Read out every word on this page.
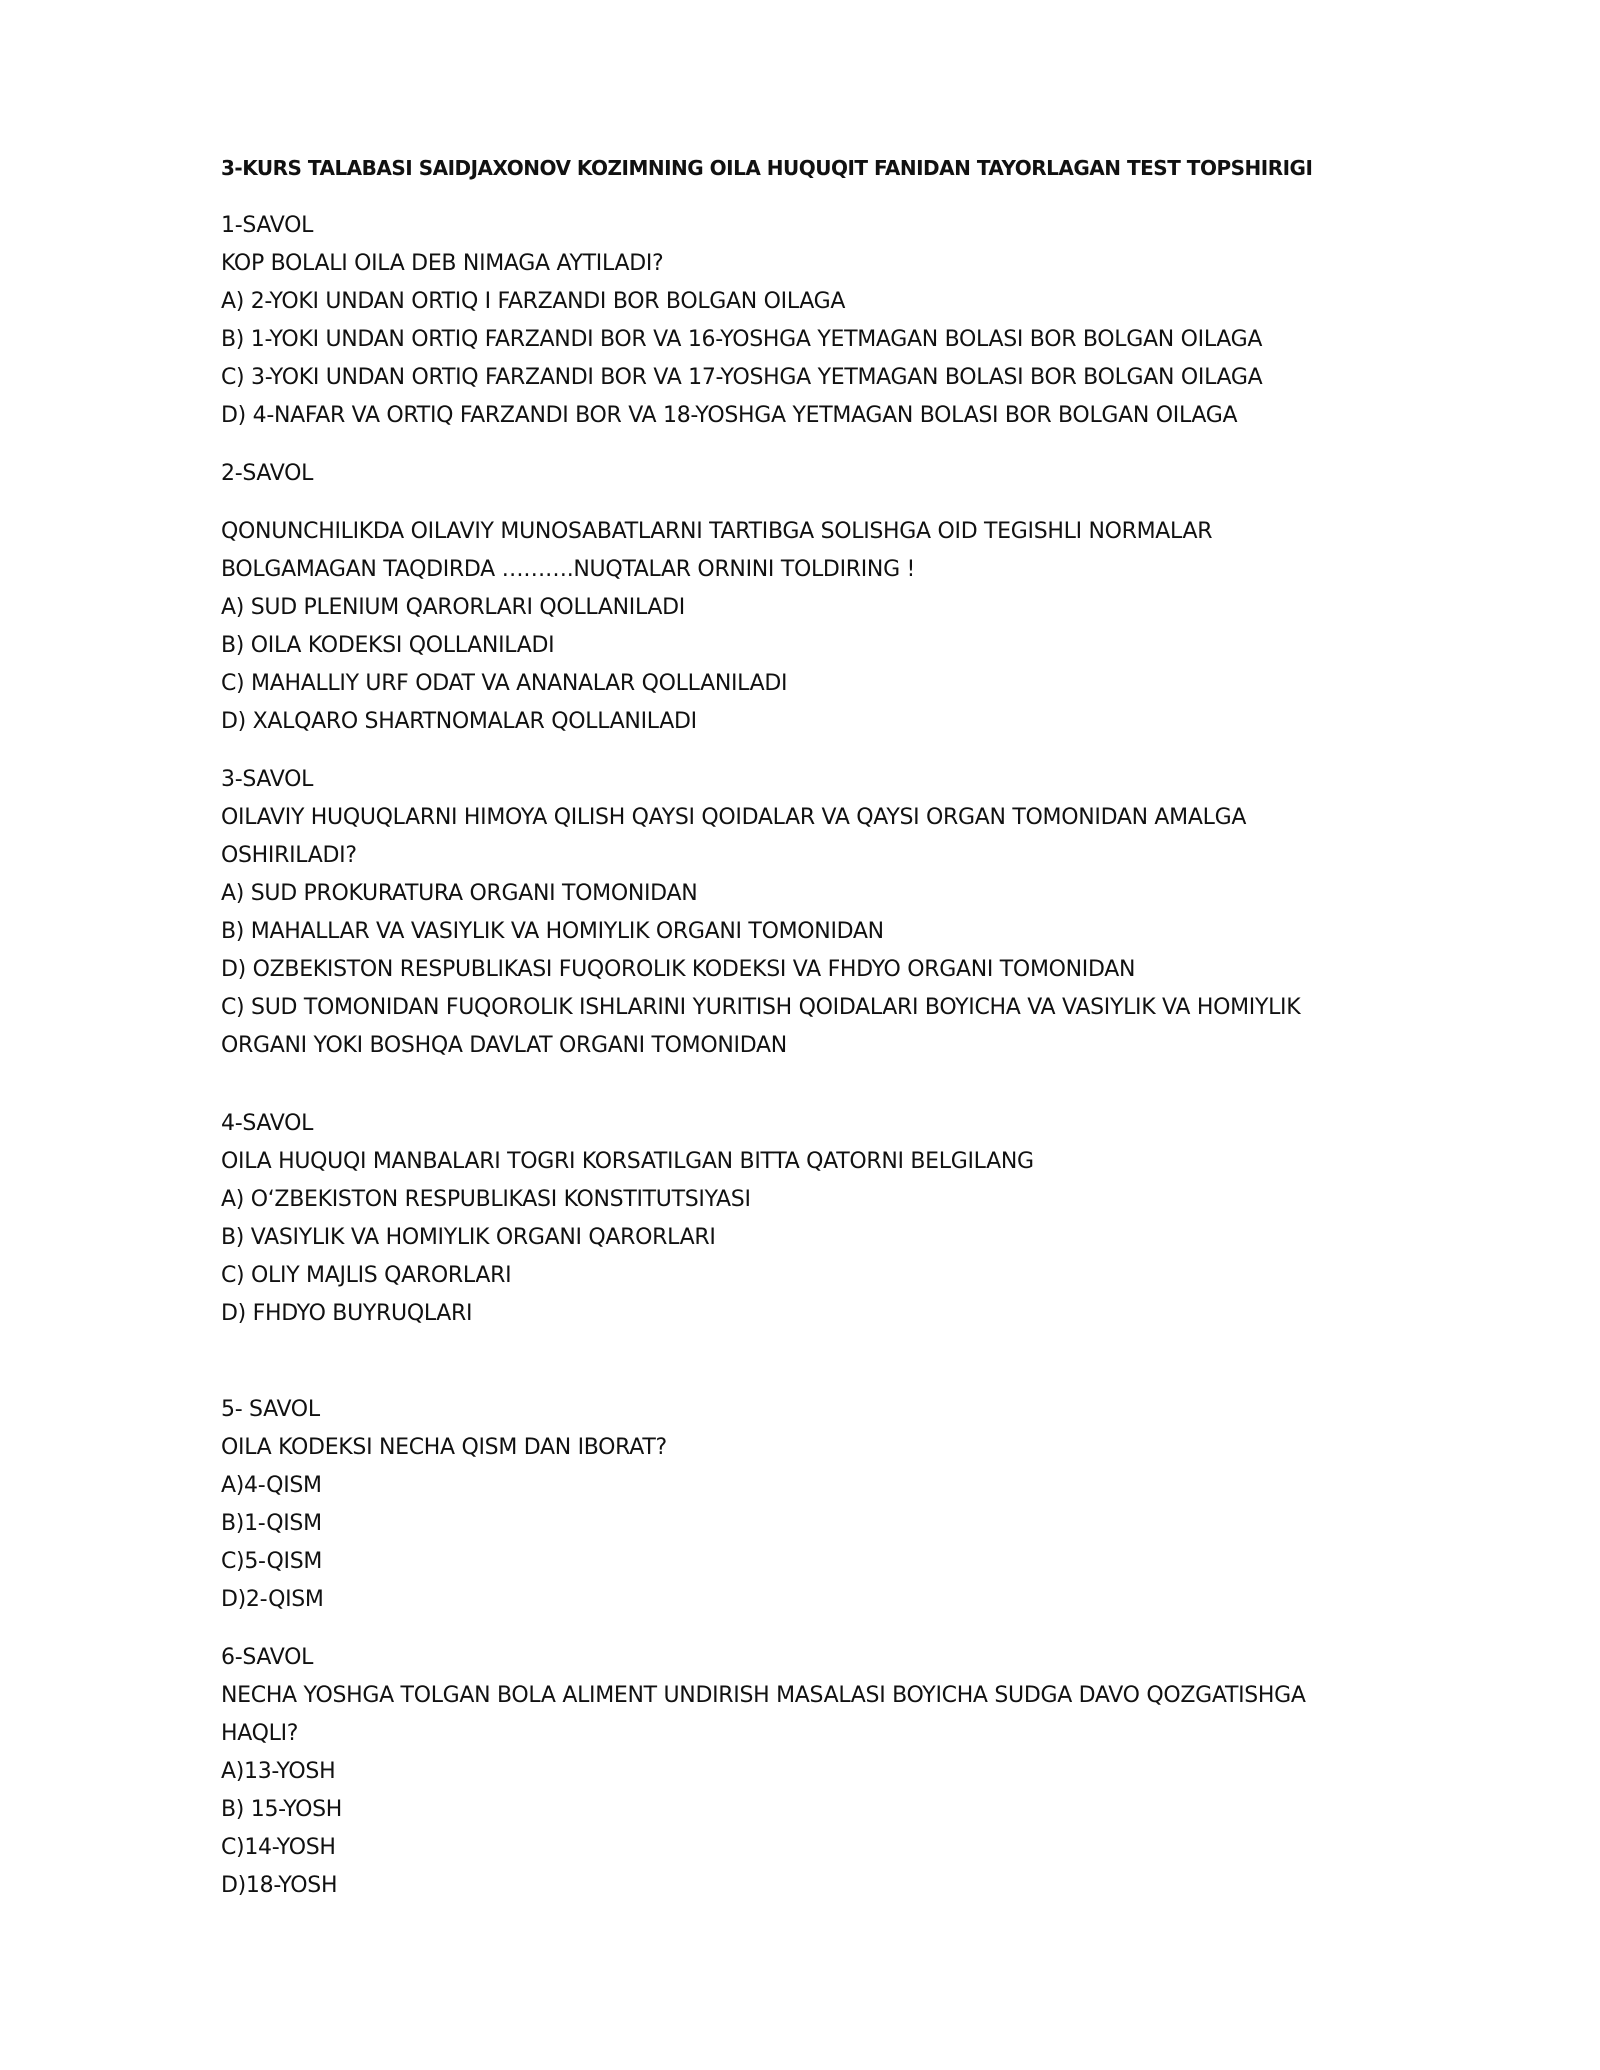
3-KURS TALABASI SAIDJAXONOV KOZIMNING OILA HUQUQIT FANIDAN TAYORLAGAN TEST TOPSHIRIGI
1-SAVOL
KOP BOLALI OILA DEB NIMAGA AYTILADI?
A) 2-YOKI UNDAN ORTIQ I FARZANDI BOR BOLGAN OILAGA
B) 1-YOKI UNDAN ORTIQ FARZANDI BOR VA 16-YOSHGA YETMAGAN BOLASI BOR BOLGAN OILAGA
C) 3-YOKI UNDAN ORTIQ FARZANDI BOR VA 17-YOSHGA YETMAGAN BOLASI BOR BOLGAN OILAGA
D) 4-NAFAR VA ORTIQ FARZANDI BOR VA 18-YOSHGA YETMAGAN BOLASI BOR BOLGAN OILAGA
2-SAVOL
QONUNCHILIKDA OILAVIY MUNOSABATLARNI TARTIBGA SOLISHGA OID TEGISHLI NORMALAR
BOLGAMAGAN TAQDIRDA ……….NUQTALAR ORNINI TOLDIRING !
A) SUD PLENIUM QARORLARI QOLLANILADI
B) OILA KODEKSI QOLLANILADI
C) MAHALLIY URF ODAT VA ANANALAR QOLLANILADI
D) XALQARO SHARTNOMALAR QOLLANILADI
3-SAVOL
OILAVIY HUQUQLARNI HIMOYA QILISH QAYSI QOIDALAR VA QAYSI ORGAN TOMONIDAN AMALGA
OSHIRILADI?
A) SUD PROKURATURA ORGANI TOMONIDAN
B) MAHALLAR VA VASIYLIK VA HOMIYLIK ORGANI TOMONIDAN
D) OZBEKISTON RESPUBLIKASI FUQOROLIK KODEKSI VA FHDYO ORGANI TOMONIDAN
C) SUD TOMONIDAN FUQOROLIK ISHLARINI YURITISH QOIDALARI BOYICHA VA VASIYLIK VA HOMIYLIK
ORGANI YOKI BOSHQA DAVLAT ORGANI TOMONIDAN
4-SAVOL
OILA HUQUQI MANBALARI TOGRI KORSATILGAN BITTA QATORNI BELGILANG
A) O‘ZBEKISTON RESPUBLIKASI KONSTITUTSIYASI
B) VASIYLIK VA HOMIYLIK ORGANI QARORLARI
C) OLIY MAJLIS QARORLARI
D) FHDYO BUYRUQLARI
5- SAVOL
OILA KODEKSI NECHA QISM DAN IBORAT?
A)4-QISM
B)1-QISM
C)5-QISM
D)2-QISM
6-SAVOL
NECHA YOSHGA TOLGAN BOLA ALIMENT UNDIRISH MASALASI BOYICHA SUDGA DAVO QOZGATISHGA
HAQLI?
A)13-YOSH
B) 15-YOSH
C)14-YOSH
D)18-YOSH
